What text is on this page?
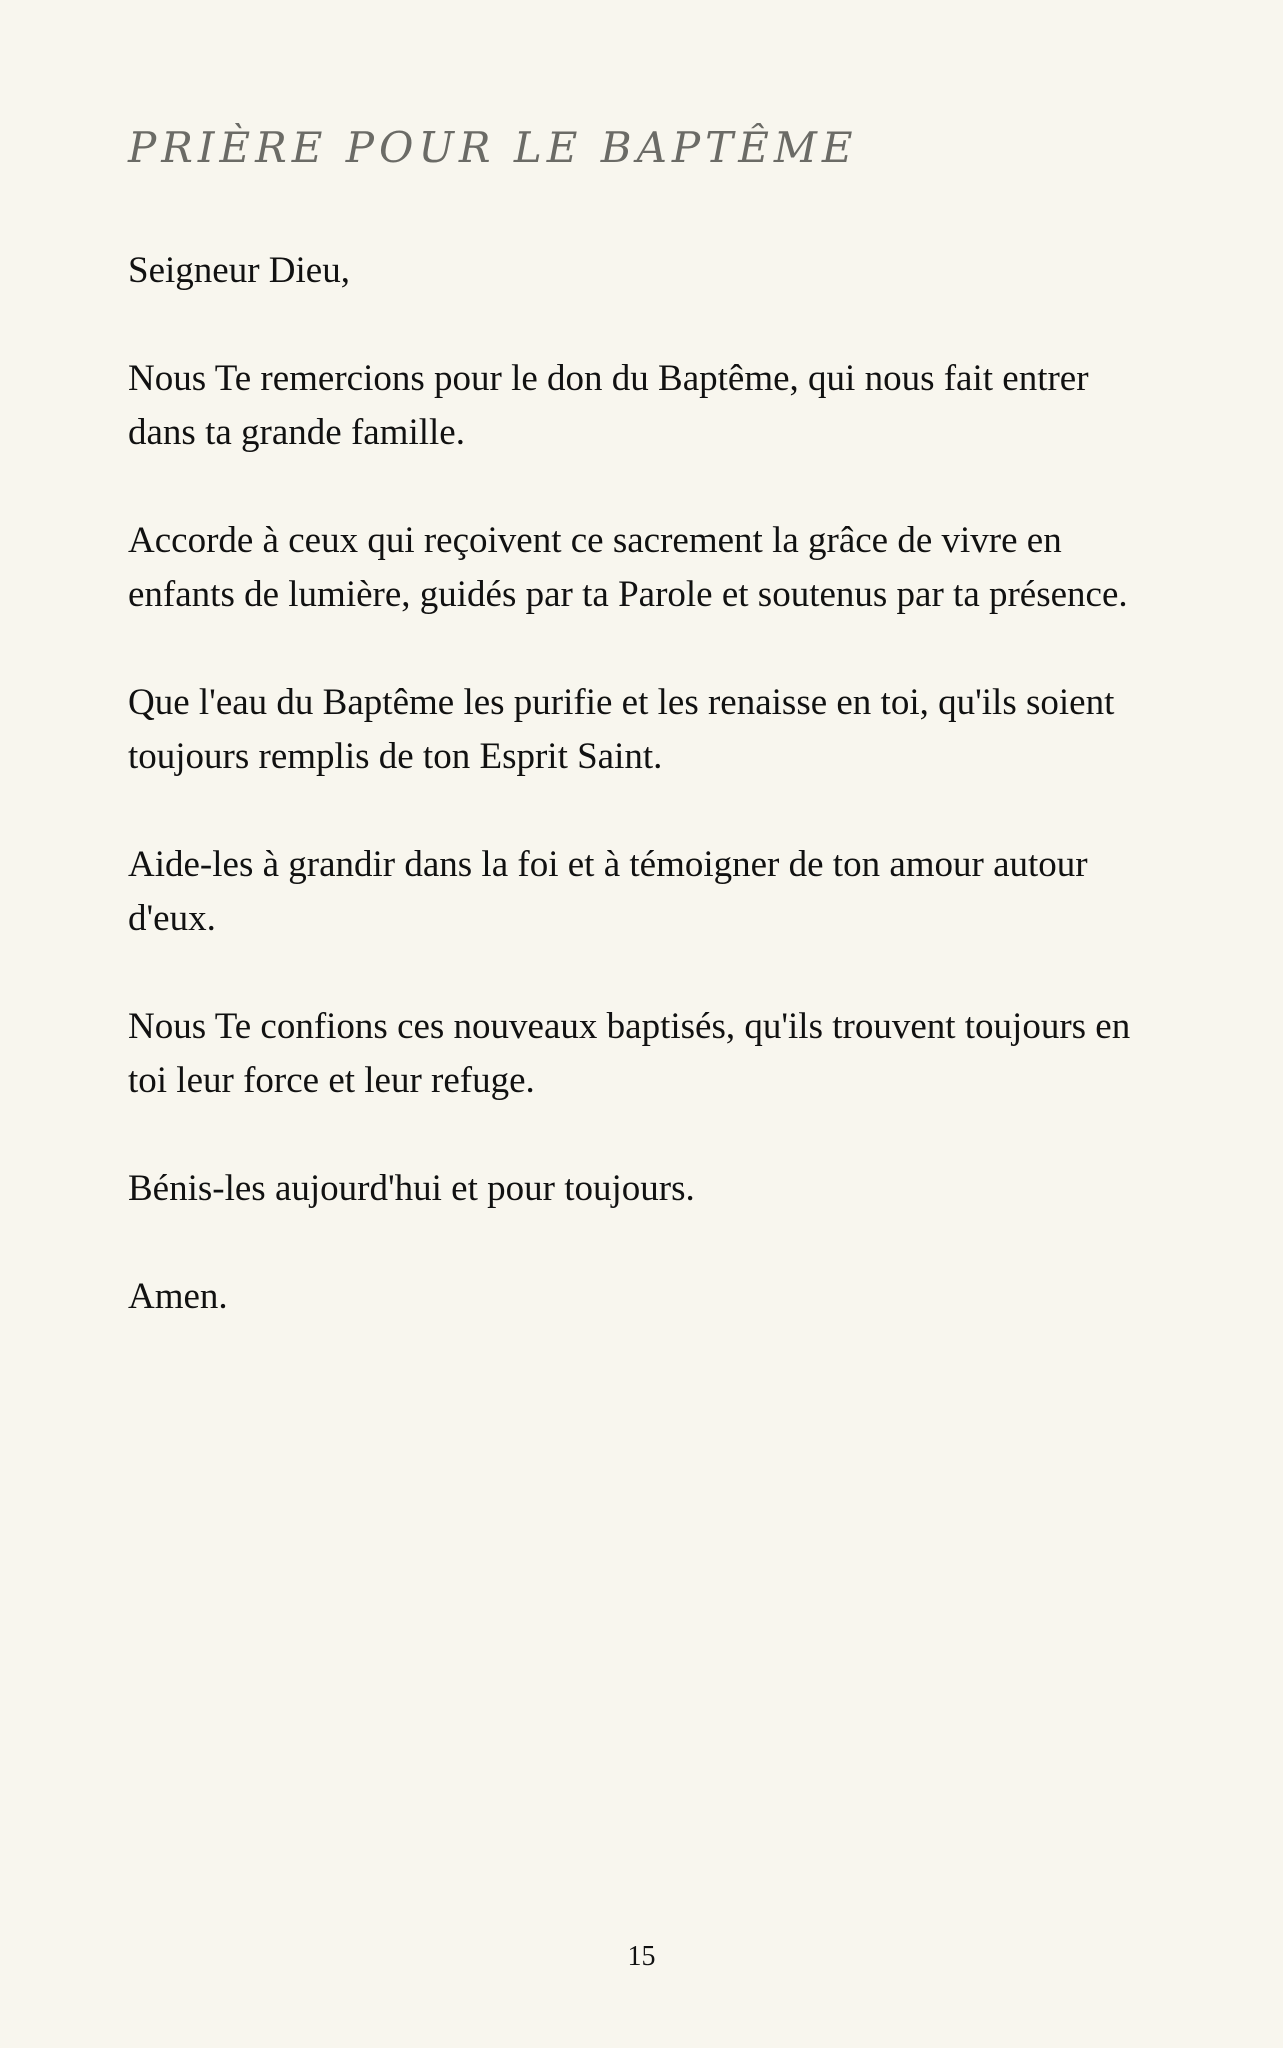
PRIÈRE POUR LE BAPTÊME

Seigneur Dieu,

Nous Te remercions pour le don du Baptême, qui nous fait entrer dans ta grande famille.

Accorde à ceux qui reçoivent ce sacrement la grâce de vivre en enfants de lumière, guidés par ta Parole et soutenus par ta présence.

Que l'eau du Baptême les purifie et les renaisse en toi, qu'ils soient toujours remplis de ton Esprit Saint.

Aide-les à grandir dans la foi et à témoigner de ton amour autour d'eux.

Nous Te confions ces nouveaux baptisés, qu'ils trouvent toujours en toi leur force et leur refuge.

Bénis-les aujourd'hui et pour toujours.

Amen.

15
